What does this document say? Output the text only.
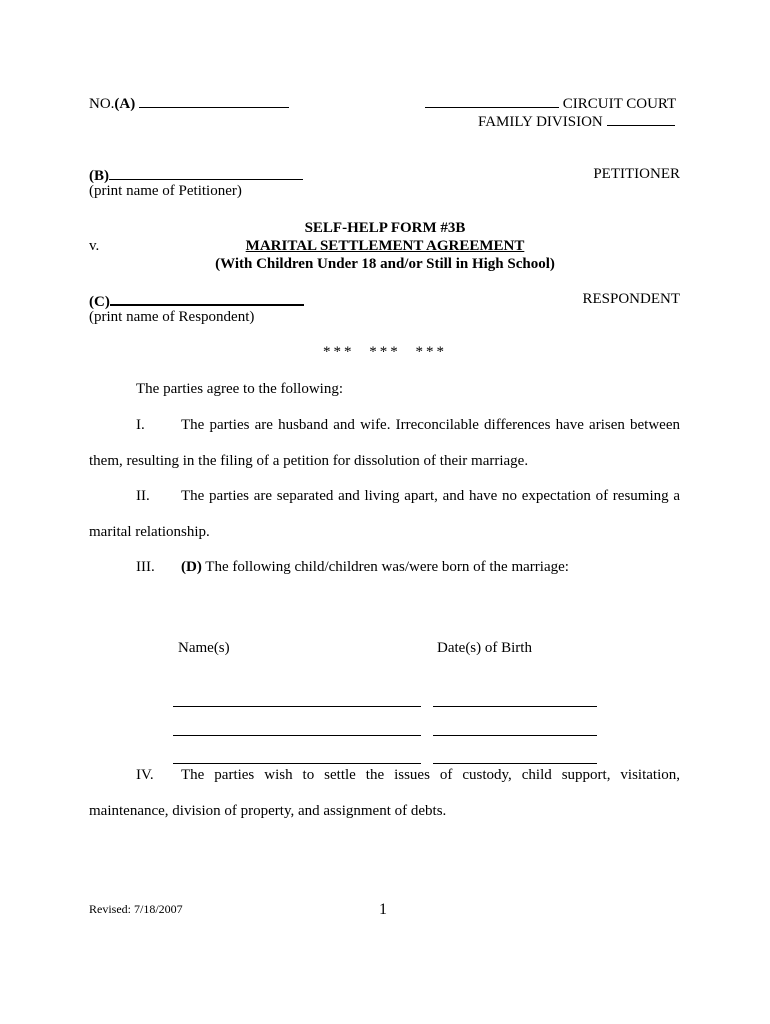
NO.(A)	CIRCUIT COURT
FAMILY DIVISION
(B)
(print name of Petitioner)
PETITIONER
SELF-HELP FORM #3B
v.	MARITAL SETTLEMENT AGREEMENT
(With Children Under 18 and/or Still in High School)
(C)
(print name of Respondent)
RESPONDENT
*** *** ***
The parties agree to the following:
I. The parties are husband and wife. Irreconcilable differences have arisen between
them, resulting in the filing of a petition for dissolution of their marriage.
II. The parties are separated and living apart, and have no expectation of resuming a
marital relationship.
III. (D) The following child/children was/were born of the marriage:
Name(s)	Date(s) of Birth
IV. The parties wish to settle the issues of custody, child support, visitation,
maintenance, division of property, and assignment of debts.
Revised: 7/18/2007	1
